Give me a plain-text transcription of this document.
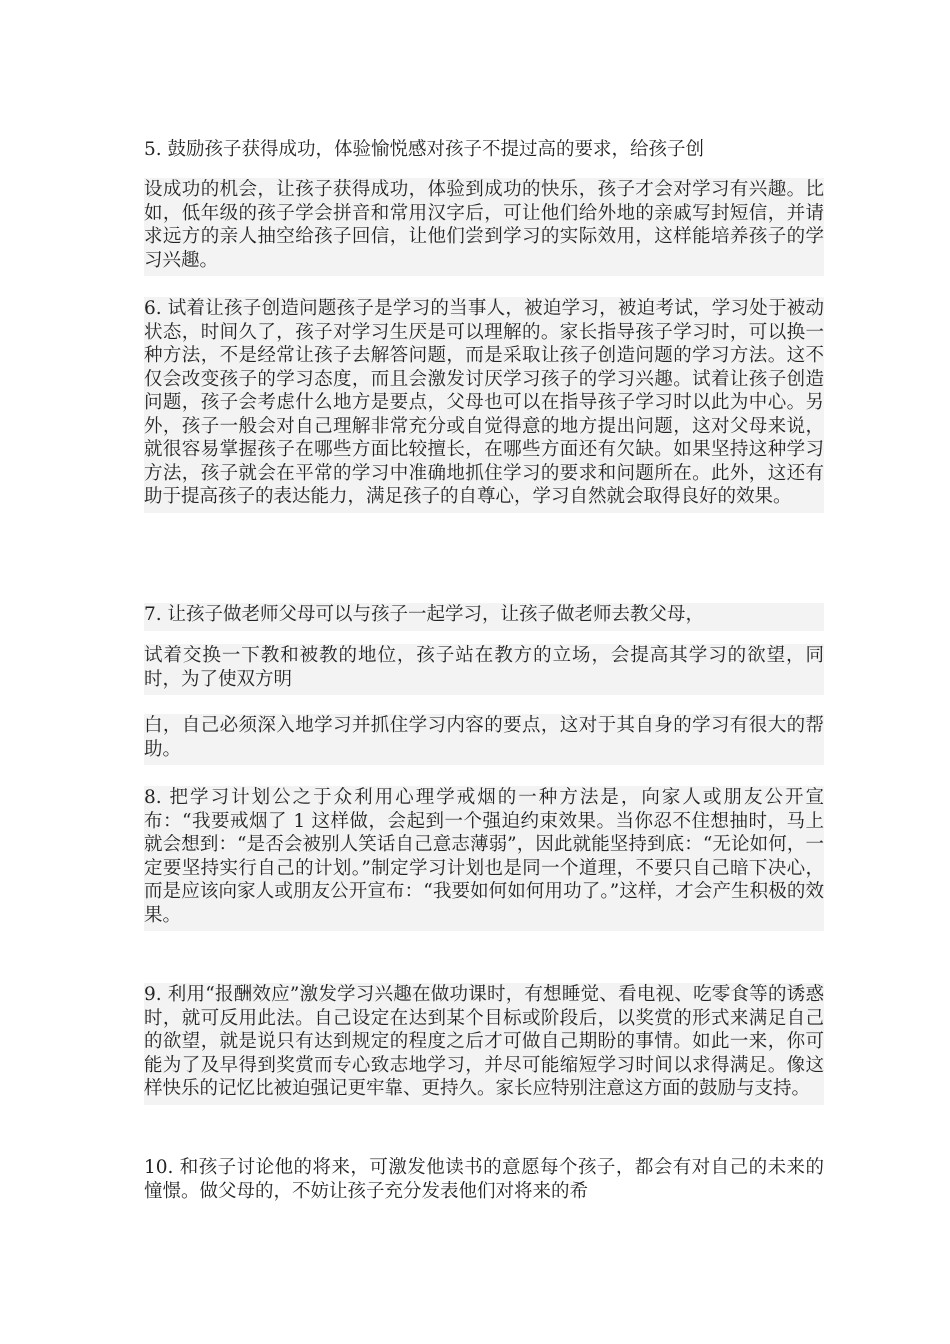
5. 鼓励孩子获得成功，体验愉悦感对孩子不提过高的要求，给孩子创

设成功的机会，让孩子获得成功，体验到成功的快乐，孩子才会对学习有兴趣。比如，低年级的孩子学会拼音和常用汉字后，可让他们给外地的亲戚写封短信，并请求远方的亲人抽空给孩子回信，让他们尝到学习的实际效用，这样能培养孩子的学习兴趣。

6. 试着让孩子创造问题孩子是学习的当事人，被迫学习，被迫考试，学习处于被动状态，时间久了，孩子对学习生厌是可以理解的。家长指导孩子学习时，可以换一种方法，不是经常让孩子去解答问题，而是采取让孩子创造问题的学习方法。这不仅会改变孩子的学习态度，而且会激发讨厌学习孩子的学习兴趣。试着让孩子创造问题，孩子会考虑什么地方是要点，父母也可以在指导孩子学习时以此为中心。另外，孩子一般会对自己理解非常充分或自觉得意的地方提出问题，这对父母来说，就很容易掌握孩子在哪些方面比较擅长，在哪些方面还有欠缺。如果坚持这种学习方法，孩子就会在平常的学习中准确地抓住学习的要求和问题所在。此外，这还有助于提高孩子的表达能力，满足孩子的自尊心，学习自然就会取得良好的效果。

7. 让孩子做老师父母可以与孩子一起学习，让孩子做老师去教父母，

试着交换一下教和被教的地位，孩子站在教方的立场，会提高其学习的欲望，同时，为了使双方明

白，自己必须深入地学习并抓住学习内容的要点，这对于其自身的学习有很大的帮助。

8. 把学习计划公之于众利用心理学戒烟的一种方法是，向家人或朋友公开宣布：“我要戒烟了 1 这样做，会起到一个强迫约束效果。当你忍不住想抽时，马上就会想到：“是否会被别人笑话自己意志薄弱”，因此就能坚持到底：“无论如何，一定要坚持实行自己的计划。”制定学习计划也是同一个道理，不要只自己暗下决心，而是应该向家人或朋友公开宣布：“我要如何如何用功了。”这样，才会产生积极的效果。

9. 利用“报酬效应”激发学习兴趣在做功课时，有想睡觉、看电视、吃零食等的诱惑时，就可反用此法。自己设定在达到某个目标或阶段后，以奖赏的形式来满足自己的欲望，就是说只有达到规定的程度之后才可做自己期盼的事情。如此一来，你可能为了及早得到奖赏而专心致志地学习，并尽可能缩短学习时间以求得满足。像这样快乐的记忆比被迫强记更牢靠、更持久。家长应特别注意这方面的鼓励与支持。

10. 和孩子讨论他的将来，可激发他读书的意愿每个孩子，都会有对自己的未来的憧憬。做父母的，不妨让孩子充分发表他们对将来的希
